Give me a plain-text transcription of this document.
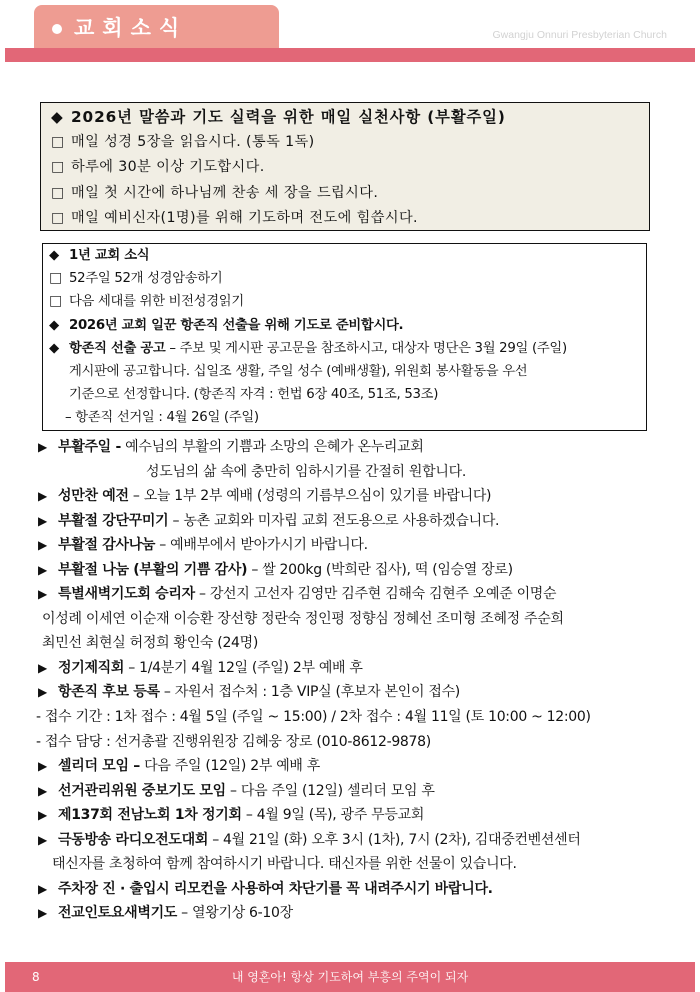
교회소식	Gwangju Onnuri Presbyterian Church
◆ 2026년 말씀과 기도 실력을 위한 매일 실천사항 (부활주일)
□ 매일 성경 5장을 읽읍시다. (통독 1독)
□ 하루에 30분 이상 기도합시다.
□ 매일 첫 시간에 하나님께 찬송 세 장을 드립시다.
□ 매일 예비신자(1명)를 위해 기도하며 전도에 힘씁시다.
◆ 1년 교회 소식
□ 52주일 52개 성경암송하기
□ 다음 세대를 위한 비전성경읽기
◆ 2026년 교회 일꾼 항존직 선출을 위해 기도로 준비합시다.
◆ 항존직 선출 공고 – 주보 및 게시판 공고문을 참조하시고, 대상자 명단은 3월 29일 (주일)
게시판에 공고합니다. 십일조 생활, 주일 성수 (예배생활), 위원회 봉사활동을 우선
기준으로 선정합니다. (항존직 자격 : 헌법 6장 40조, 51조, 53조)
– 항존직 선거일 : 4월 26일 (주일)
▶ 부활주일 - 예수님의 부활의 기쁨과 소망의 은혜가 온누리교회
성도님의 삶 속에 충만히 임하시기를 간절히 원합니다.
▶ 성만찬 예전 – 오늘 1부 2부 예배 (성령의 기름부으심이 있기를 바랍니다)
▶ 부활절 강단꾸미기 – 농촌 교회와 미자립 교회 전도용으로 사용하겠습니다.
▶ 부활절 감사나눔 – 예배부에서 받아가시기 바랍니다.
▶ 부활절 나눔 (부활의 기쁨 감사) – 쌀 200kg (박희란 집사), 떡 (임승열 장로)
▶ 특별새벽기도회 승리자 – 강선지 고선자 김영만 김주현 김해숙 김현주 오예준 이명순
이성례 이세연 이순재 이승환 장선향 정란숙 정인평 정향심 정혜선 조미형 조혜정 주순희
최민선 최현실 허정희 황인숙 (24명)
▶ 정기제직회 – 1/4분기 4월 12일 (주일) 2부 예배 후
▶ 항존직 후보 등록 – 자원서 접수처 : 1층 VIP실 (후보자 본인이 접수)
- 접수 기간 : 1차 접수 : 4월 5일 (주일 ~ 15:00) / 2차 접수 : 4월 11일 (토 10:00 ~ 12:00)
- 접수 담당 : 선거총괄 진행위원장 김혜웅 장로 (010-8612-9878)
▶ 셀리더 모임 – 다음 주일 (12일) 2부 예배 후
▶ 선거관리위원 중보기도 모임 – 다음 주일 (12일) 셀리더 모임 후
▶ 제137회 전남노회 1차 정기회 – 4월 9일 (목), 광주 무등교회
▶ 극동방송 라디오전도대회 – 4월 21일 (화) 오후 3시 (1차), 7시 (2차), 김대중컨벤션센터
태신자를 초청하여 함께 참여하시기 바랍니다. 태신자를 위한 선물이 있습니다.
▶ 주차장 진 · 출입시 리모컨을 사용하여 차단기를 꼭 내려주시기 바랍니다.
▶ 전교인토요새벽기도 – 열왕기상 6-10장
8	내 영혼아! 항상 기도하여 부흥의 주역이 되자
